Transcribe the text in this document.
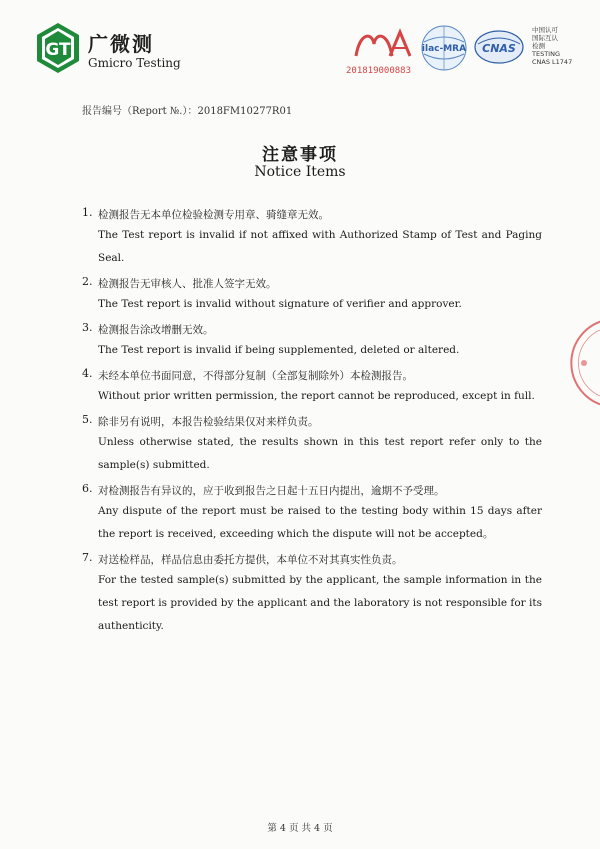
GT 广微测
Gmicro Testing
201819000883
ilac-MRA CNAS
中国认可
国际互认
检测
TESTING
CNAS L1747
报告编号（Report №.）：2018FM10277R01
注意事项
Notice Items
1. 检测报告无本单位检验检测专用章、骑缝章无效。
The Test report is invalid if not affixed with Authorized Stamp of Test and Paging Seal.
2. 检测报告无审核人、批准人签字无效。
The Test report is invalid without signature of verifier and approver.
3. 检测报告涂改增删无效。
The Test report is invalid if being supplemented, deleted or altered.
4. 未经本单位书面同意，不得部分复制（全部复制除外）本检测报告。
Without prior written permission, the report cannot be reproduced, except in full.
5. 除非另有说明，本报告检验结果仅对来样负责。
Unless otherwise stated, the results shown in this test report refer only to the sample(s) submitted.
6. 对检测报告有异议的，应于收到报告之日起十五日内提出，逾期不予受理。
Any dispute of the report must be raised to the testing body within 15 days after the report is received, exceeding which the dispute will not be accepted。
7. 对送检样品，样品信息由委托方提供，本单位不对其真实性负责。
For the tested sample(s) submitted by the applicant, the sample information in the test report is provided by the applicant and the laboratory is not responsible for its authenticity.
第 4 页 共 4 页
